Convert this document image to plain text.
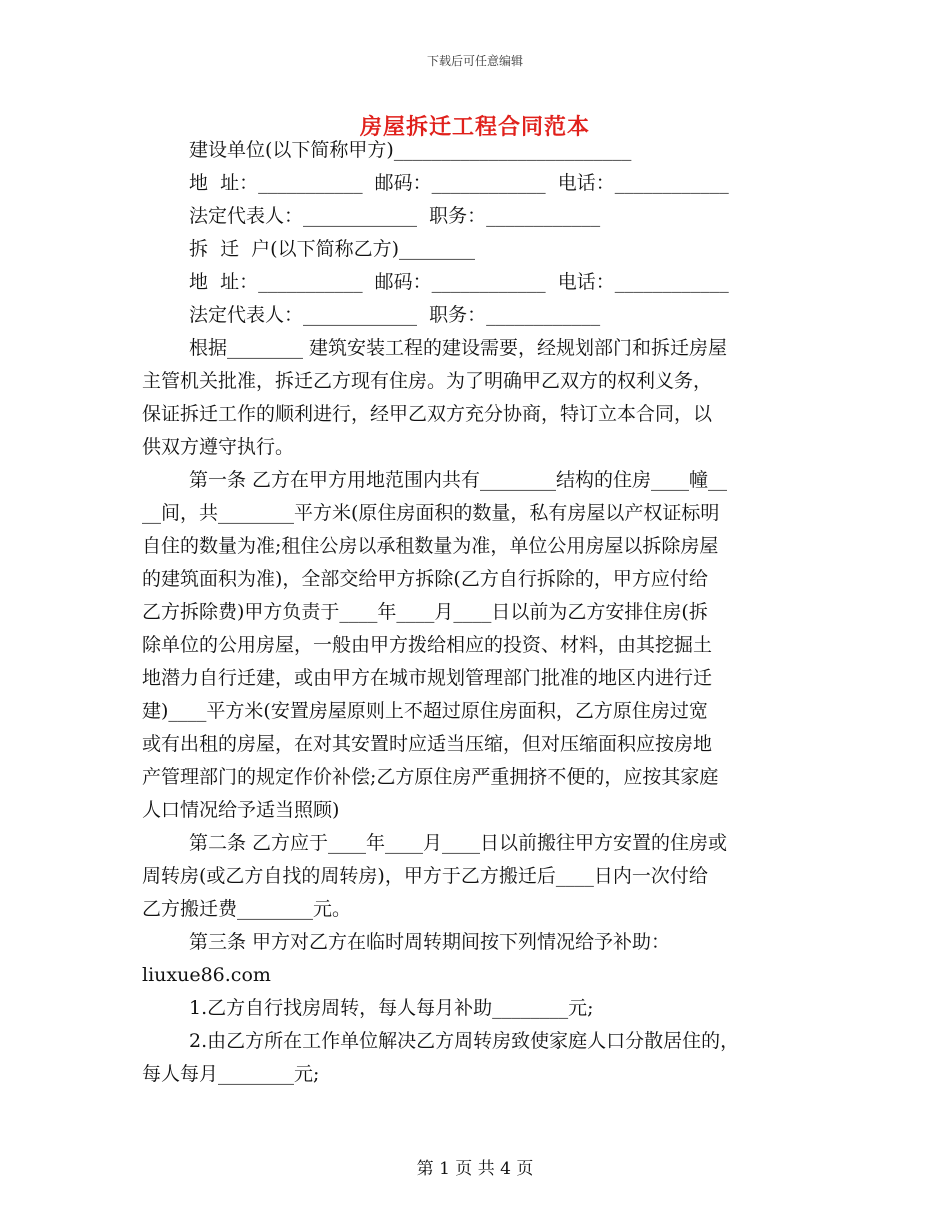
下载后可任意编辑
房屋拆迁工程合同范本
建设单位(以下简称甲方)_________________________
地  址：___________  邮码：____________  电话：____________
法定代表人：____________  职务：____________
拆  迁  户(以下简称乙方)________
地  址：___________  邮码：____________  电话：____________
法定代表人：____________  职务：____________
根据________ 建筑安装工程的建设需要，经规划部门和拆迁房屋
主管机关批准，拆迁乙方现有住房。为了明确甲乙双方的权利义务，
保证拆迁工作的顺利进行，经甲乙双方充分协商，特订立本合同，以
供双方遵守执行。
第一条 乙方在甲方用地范围内共有________结构的住房____幢__
__间，共________平方米(原住房面积的数量，私有房屋以产权证标明
自住的数量为准;租住公房以承租数量为准，单位公用房屋以拆除房屋
的建筑面积为准)，全部交给甲方拆除(乙方自行拆除的，甲方应付给
乙方拆除费)甲方负责于____年____月____日以前为乙方安排住房(拆
除单位的公用房屋，一般由甲方拨给相应的投资、材料，由其挖掘土
地潜力自行迁建，或由甲方在城市规划管理部门批准的地区内进行迁
建)____平方米(安置房屋原则上不超过原住房面积，乙方原住房过宽
或有出租的房屋，在对其安置时应适当压缩，但对压缩面积应按房地
产管理部门的规定作价补偿;乙方原住房严重拥挤不便的，应按其家庭
人口情况给予适当照顾)
第二条 乙方应于____年____月____日以前搬往甲方安置的住房或
周转房(或乙方自找的周转房)，甲方于乙方搬迁后____日内一次付给
乙方搬迁费________元。
第三条 甲方对乙方在临时周转期间按下列情况给予补助：
liuxue86.com
1.乙方自行找房周转，每人每月补助________元;
2.由乙方所在工作单位解决乙方周转房致使家庭人口分散居住的，
每人每月________元;
第 1 页 共 4 页
